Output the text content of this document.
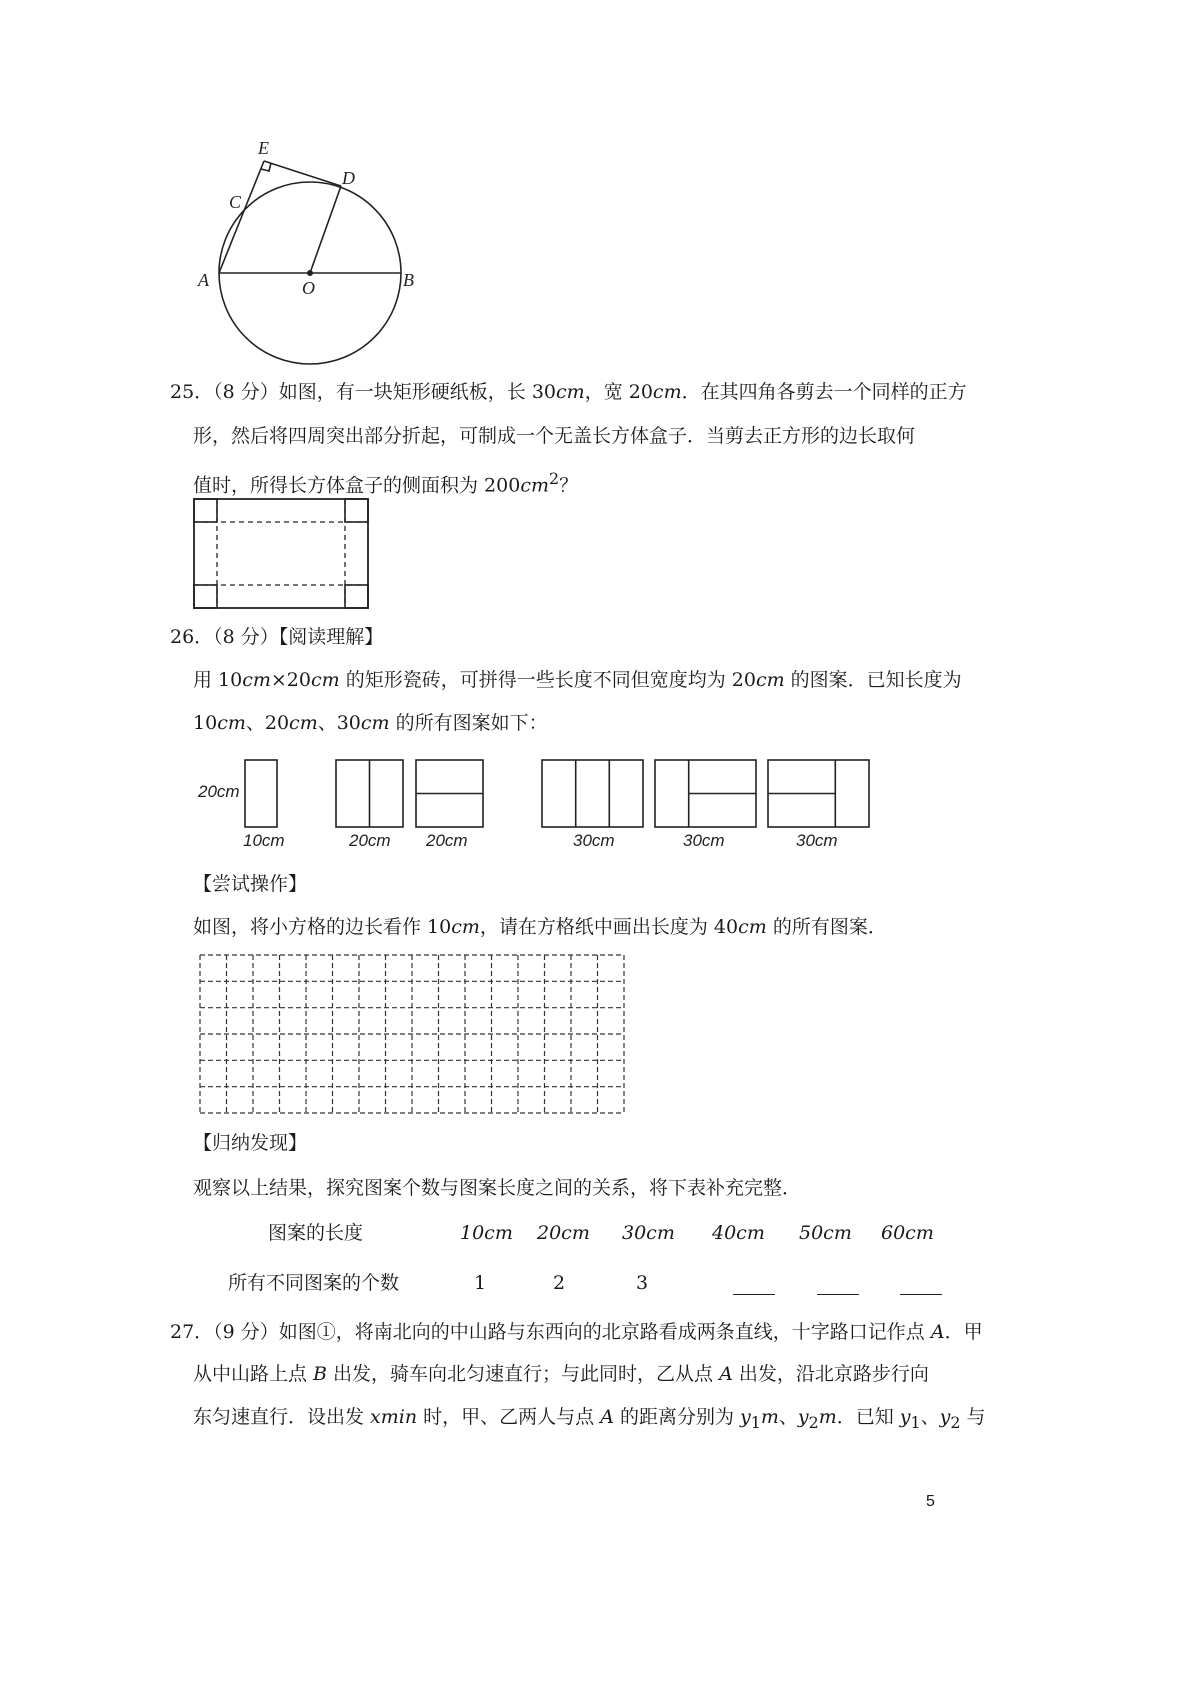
E
D
C
A	O	B
25．（8 分）如图，有一块矩形硬纸板，长 30cm，宽 20cm．在其四角各剪去一个同样的正方
形，然后将四周突出部分折起，可制成一个无盖长方体盒子．当剪去正方形的边长取何
值时，所得长方体盒子的侧面积为 $200cm^2$？
26．（8 分）【阅读理解】
用 10cm×20cm 的矩形瓷砖，可拼得一些长度不同但宽度均为 20cm 的图案．已知长度为
10cm、20cm、30cm 的所有图案如下：
20cm
10cm	20cm 20cm	30cm	30cm	30cm
【尝试操作】
如图，将小方格的边长看作 10cm，请在方格纸中画出长度为 40cm 的所有图案．
【归纳发现】
观察以上结果，探究图案个数与图案长度之间的关系，将下表补充完整．
图案的长度	10cm 20cm 30cm 40cm 50cm 60cm
所有不同图案的个数	1	2	3
27．（9 分）如图①，将南北向的中山路与东西向的北京路看成两条直线，十字路口记作点 A．甲
从中山路上点 B 出发，骑车向北匀速直行；与此同时，乙从点 A 出发，沿北京路步行向
东匀速直行．设出发 xmin 时，甲、乙两人与点 A 的距离分别为 $y_1m$、$y_2m$．已知 $y_1$、$y_2$ 与
5
